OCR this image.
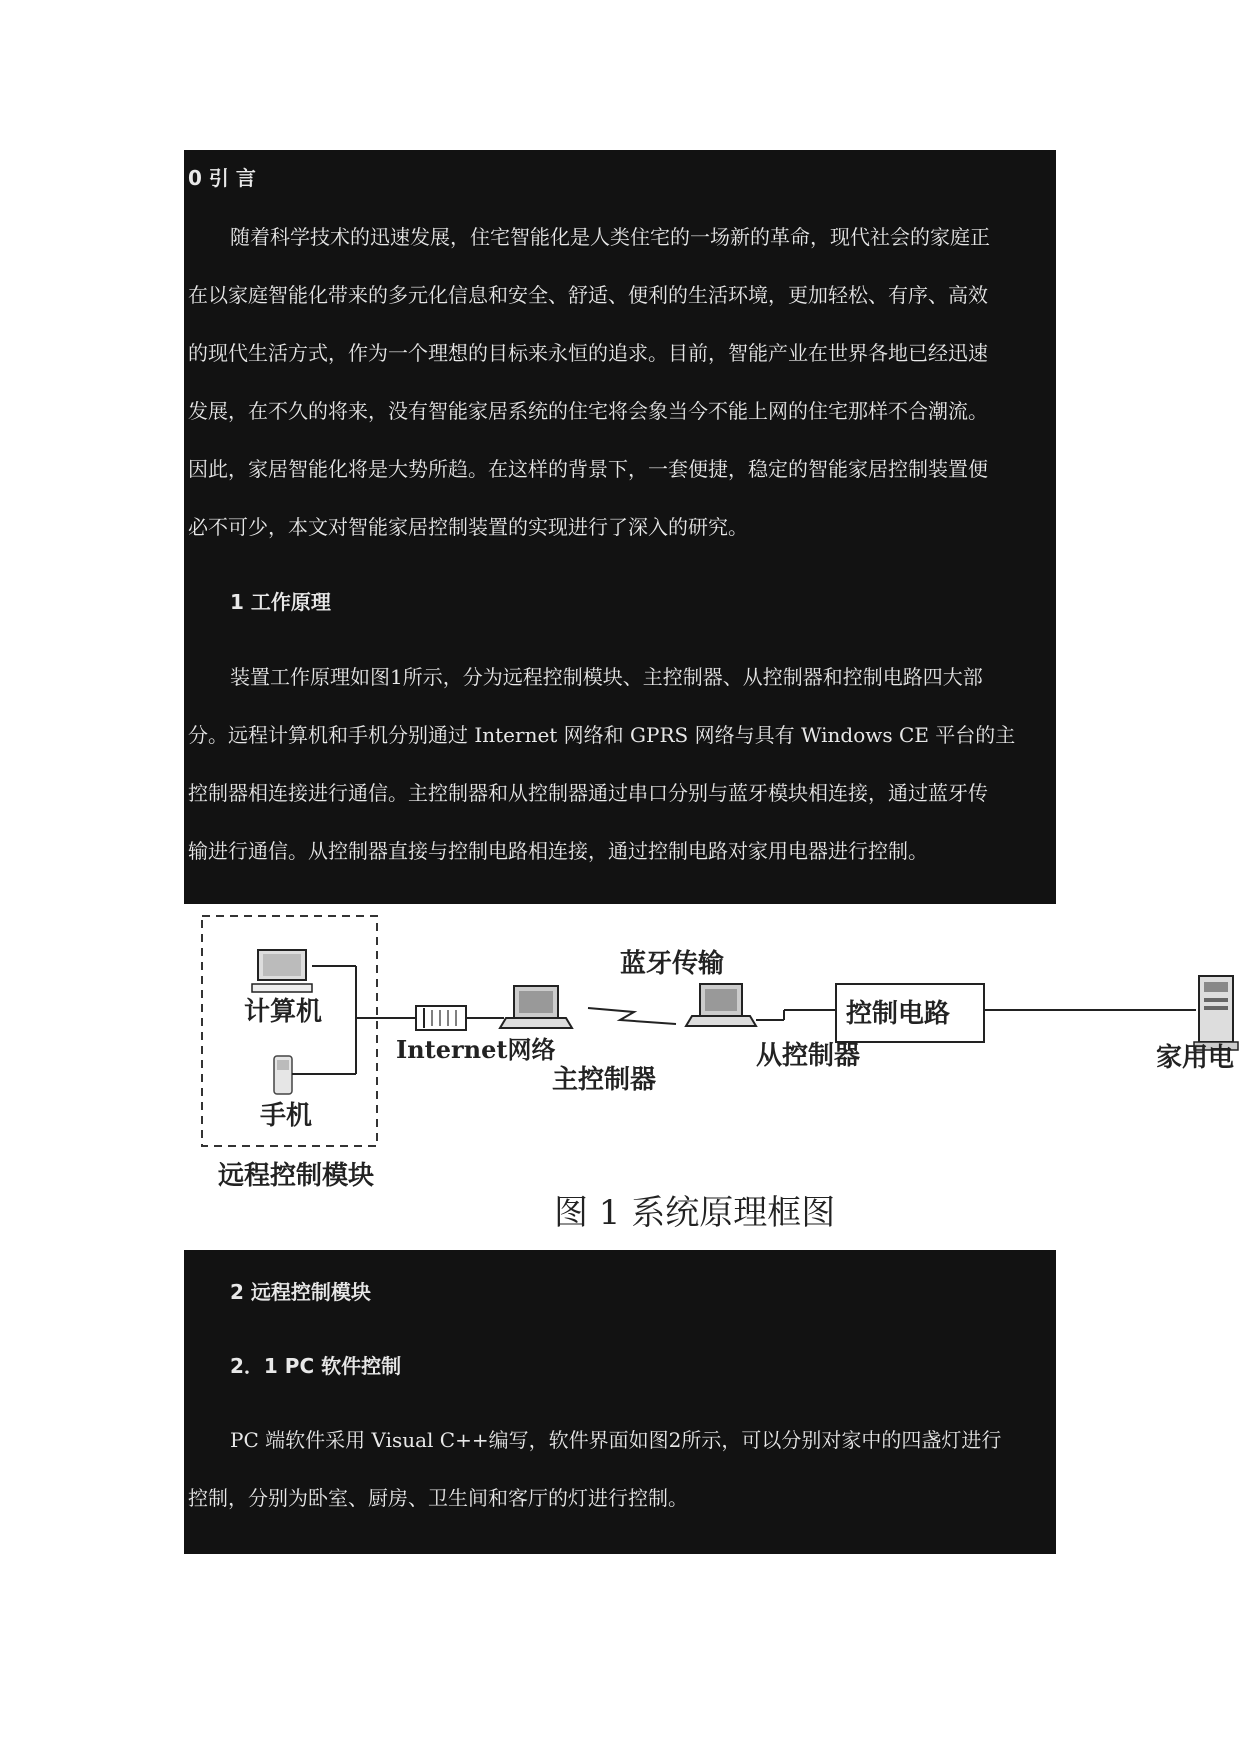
0 引 言
随着科学技术的迅速发展，住宅智能化是人类住宅的一场新的革命，现代社会的家庭正
在以家庭智能化带来的多元化信息和安全、舒适、便利的生活环境，更加轻松、有序、高效
的现代生活方式，作为一个理想的目标来永恒的追求。目前，智能产业在世界各地已经迅速
发展，在不久的将来，没有智能家居系统的住宅将会象当今不能上网的住宅那样不合潮流。
因此，家居智能化将是大势所趋。在这样的背景下，一套便捷，稳定的智能家居控制装置便
必不可少，本文对智能家居控制装置的实现进行了深入的研究。
1 工作原理
装置工作原理如图1所示，分为远程控制模块、主控制器、从控制器和控制电路四大部
分。远程计算机和手机分别通过 Internet 网络和 GPRS 网络与具有 Windows CE 平台的主
控制器相连接进行通信。主控制器和从控制器通过串口分别与蓝牙模块相连接，通过蓝牙传
输进行通信。从控制器直接与控制电路相连接，通过控制电路对家用电器进行控制。
计算机
手机
远程控制模块
Internet网络
蓝牙传输
主控制器
从控制器
控制电路
家用电
图 1 系统原理框图
2 远程控制模块
2．1 PC 软件控制
PC 端软件采用 Visual C++编写，软件界面如图2所示，可以分别对家中的四盏灯进行
控制，分别为卧室、厨房、卫生间和客厅的灯进行控制。
